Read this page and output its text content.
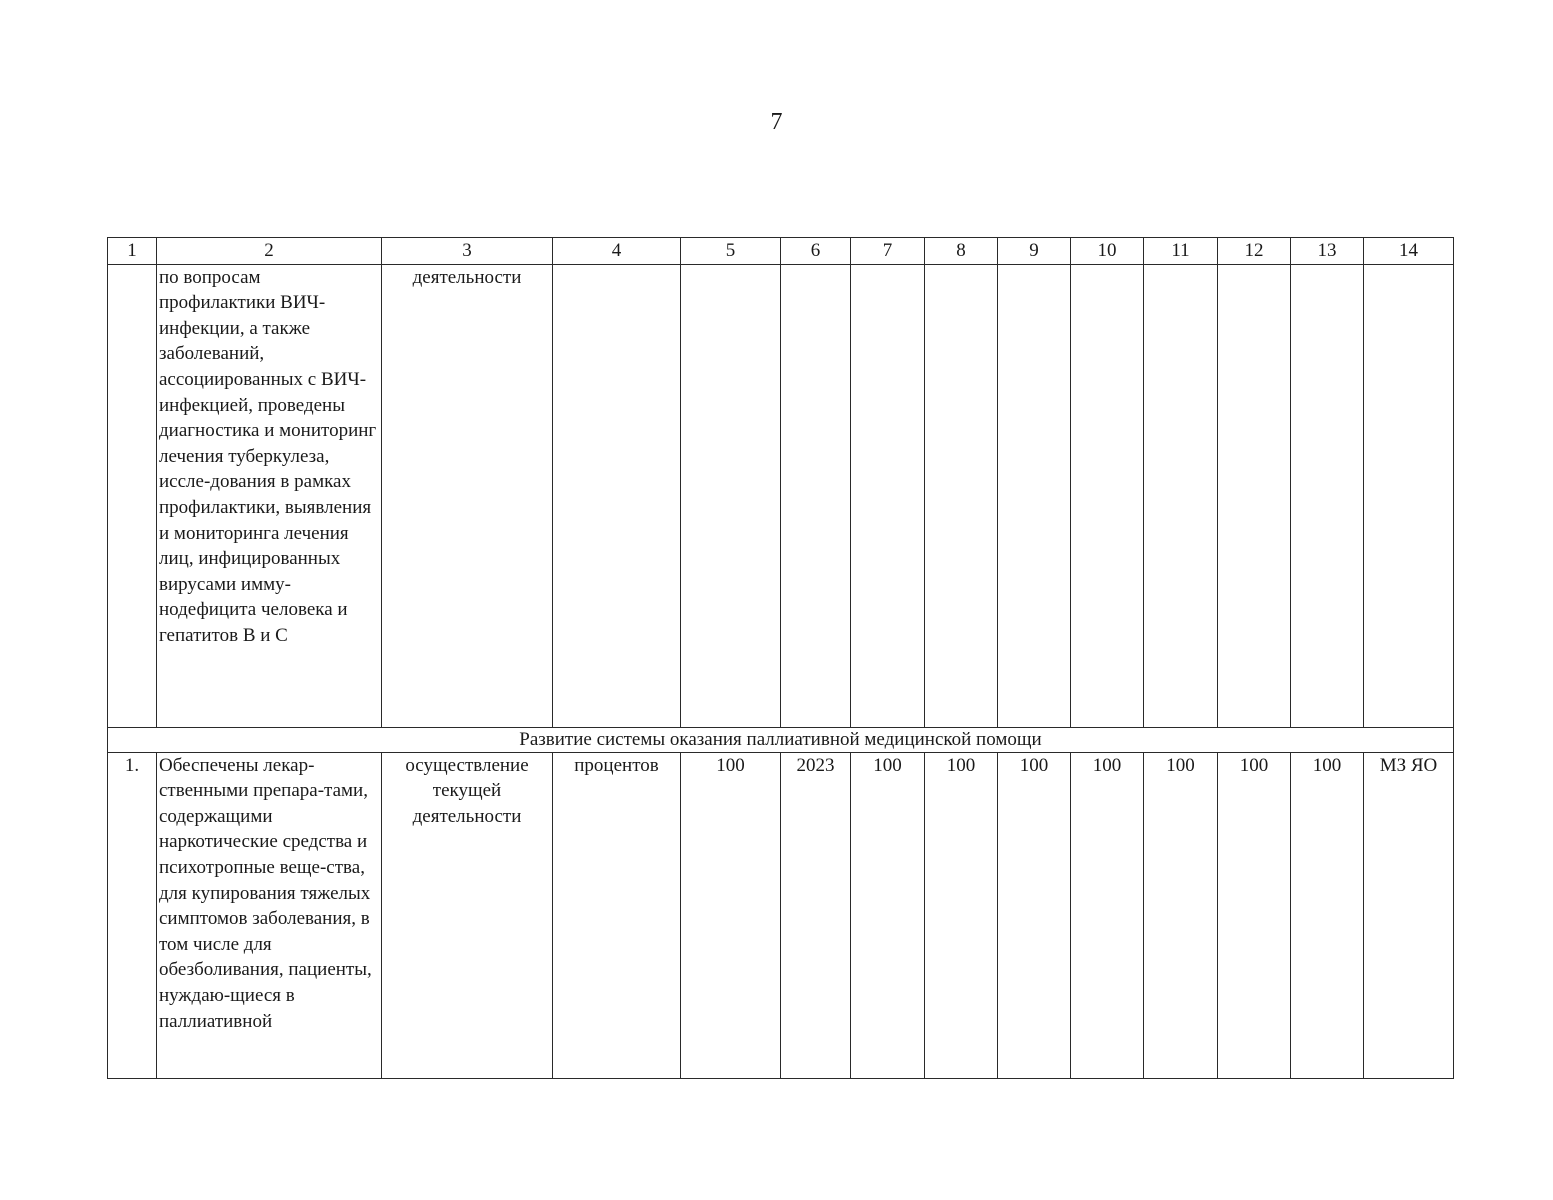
7
1	2	3	4	5	6	7	8	9	10	11	12	13	14
	по вопросам профилактики ВИЧ-инфекции, а также заболеваний, ассоциированных с ВИЧ-инфекцией, проведены диагностика и мониторинг лечения туберкулеза, иссле-дования в рамках профилактики, выявления и мониторинга лечения лиц, инфицированных вирусами имму-нодефицита человека и гепатитов В и С	деятельности											
Развитие системы оказания паллиативной медицинской помощи													
1.	Обеспечены лекар-ственными препара-тами, содержащими наркотические средства и психотропные веще-ства, для купирования тяжелых симптомов заболевания, в том числе для обезболивания, пациенты, нуждаю-щиеся в паллиативной	осуществление текущей деятельности	процентов	100	2023	100	100	100	100	100	100	100	МЗ ЯО
